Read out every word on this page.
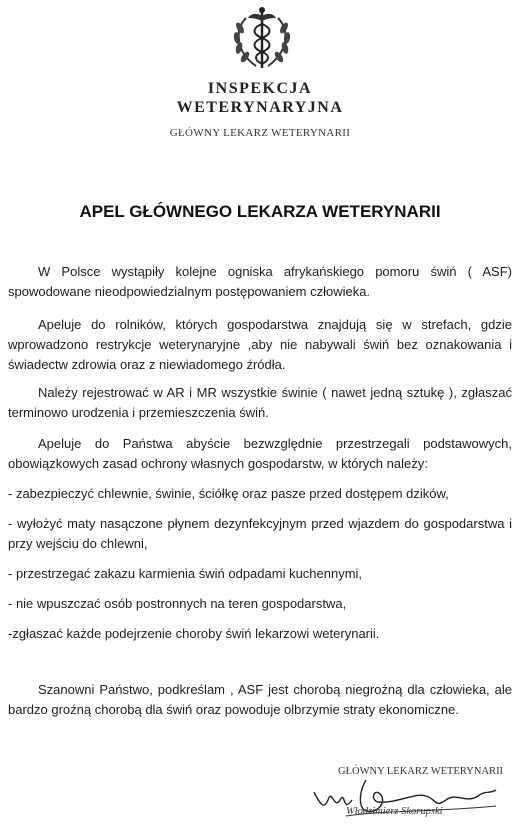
INSPEKCJA
WETERYNARYJNA
GŁÓWNY LEKARZ WETERYNARII
APEL GŁÓWNEGO LEKARZA WETERYNARII
W Polsce wystąpiły kolejne ogniska afrykańskiego pomoru świń ( ASF) spowodowane nieodpowiedzialnym postępowaniem człowieka.
Apeluje do rolników, których gospodarstwa znajdują się w strefach, gdzie wprowadzono restrykcje weterynaryjne ,aby nie nabywali świń bez oznakowania i świadectw zdrowia oraz z niewiadomego źródła.
Należy rejestrować w AR i MR wszystkie świnie ( nawet jedną sztukę ), zgłaszać terminowo urodzenia i przemieszczenia świń.
Apeluje do Państwa abyście bezwzględnie przestrzegali podstawowych, obowiązkowych zasad ochrony własnych gospodarstw, w których należy:
- zabezpieczyć chlewnie, świnie, ściółkę oraz pasze przed dostępem dzików,
- wyłożyć maty nasączone płynem dezynfekcyjnym przed wjazdem do gospodarstwa i przy wejściu do chlewni,
- przestrzegać zakazu karmienia świń odpadami kuchennymi,
- nie wpuszczać osób postronnych na teren gospodarstwa,
-zgłaszać każde podejrzenie choroby świń lekarzowi weterynarii.
Szanowni Państwo, podkreślam , ASF jest chorobą niegroźną dla człowieka, ale bardzo groźną chorobą dla świń oraz powoduje olbrzymie straty ekonomiczne.
GŁÓWNY LEKARZ WETERYNARII
Włodzimierz Skorupski
